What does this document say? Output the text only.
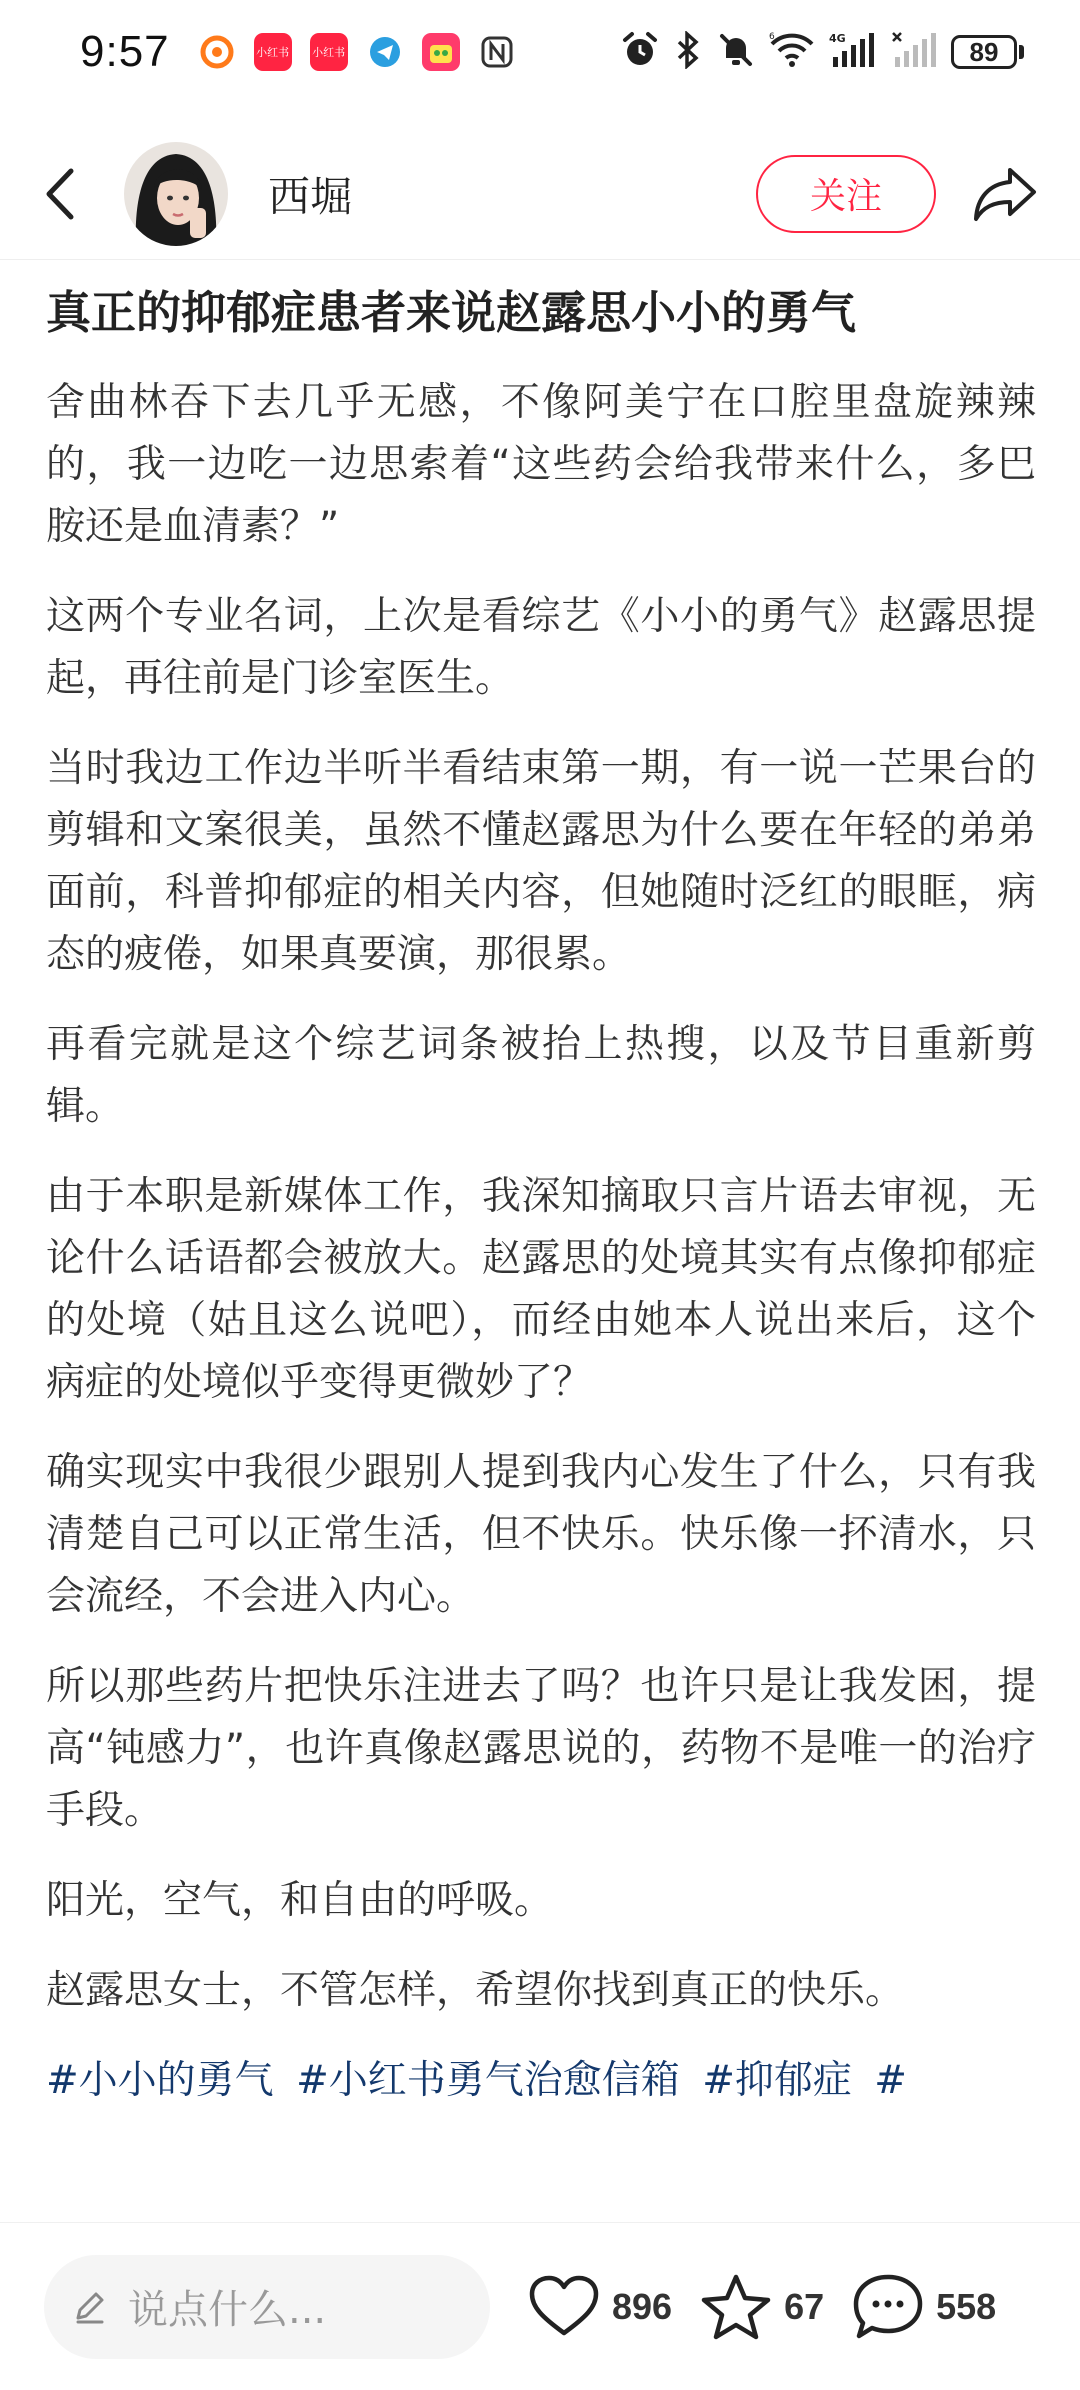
9:57	小红书 小红书
6	4G	89
西堀	关注
真正的抑郁症患者来说赵露思小小的勇气

舍曲林吞下去几乎无感，不像阿美宁在口腔里盘旋辣辣的，我一边吃一边思索着“这些药会给我带来什么，多巴胺还是血清素？”

这两个专业名词，上次是看综艺《小小的勇气》赵露思提起，再往前是门诊室医生。

当时我边工作边半听半看结束第一期，有一说一芒果台的剪辑和文案很美，虽然不懂赵露思为什么要在年轻的弟弟面前，科普抑郁症的相关内容，但她随时泛红的眼眶，病态的疲倦，如果真要演，那很累。

再看完就是这个综艺词条被抬上热搜，以及节目重新剪辑。

由于本职是新媒体工作，我深知摘取只言片语去审视，无论什么话语都会被放大。赵露思的处境其实有点像抑郁症的处境（姑且这么说吧），而经由她本人说出来后，这个病症的处境似乎变得更微妙了？

确实现实中我很少跟别人提到我内心发生了什么，只有我清楚自己可以正常生活，但不快乐。快乐像一抔清水，只会流经，不会进入内心。

所以那些药片把快乐注进去了吗？也许只是让我发困，提高“钝感力”，也许真像赵露思说的，药物不是唯一的治疗手段。

阳光，空气，和自由的呼吸。

赵露思女士，不管怎样，希望你找到真正的快乐。

#小小的勇气 #小红书勇气治愈信箱 #抑郁症 #
说点什么...	896	67	558
